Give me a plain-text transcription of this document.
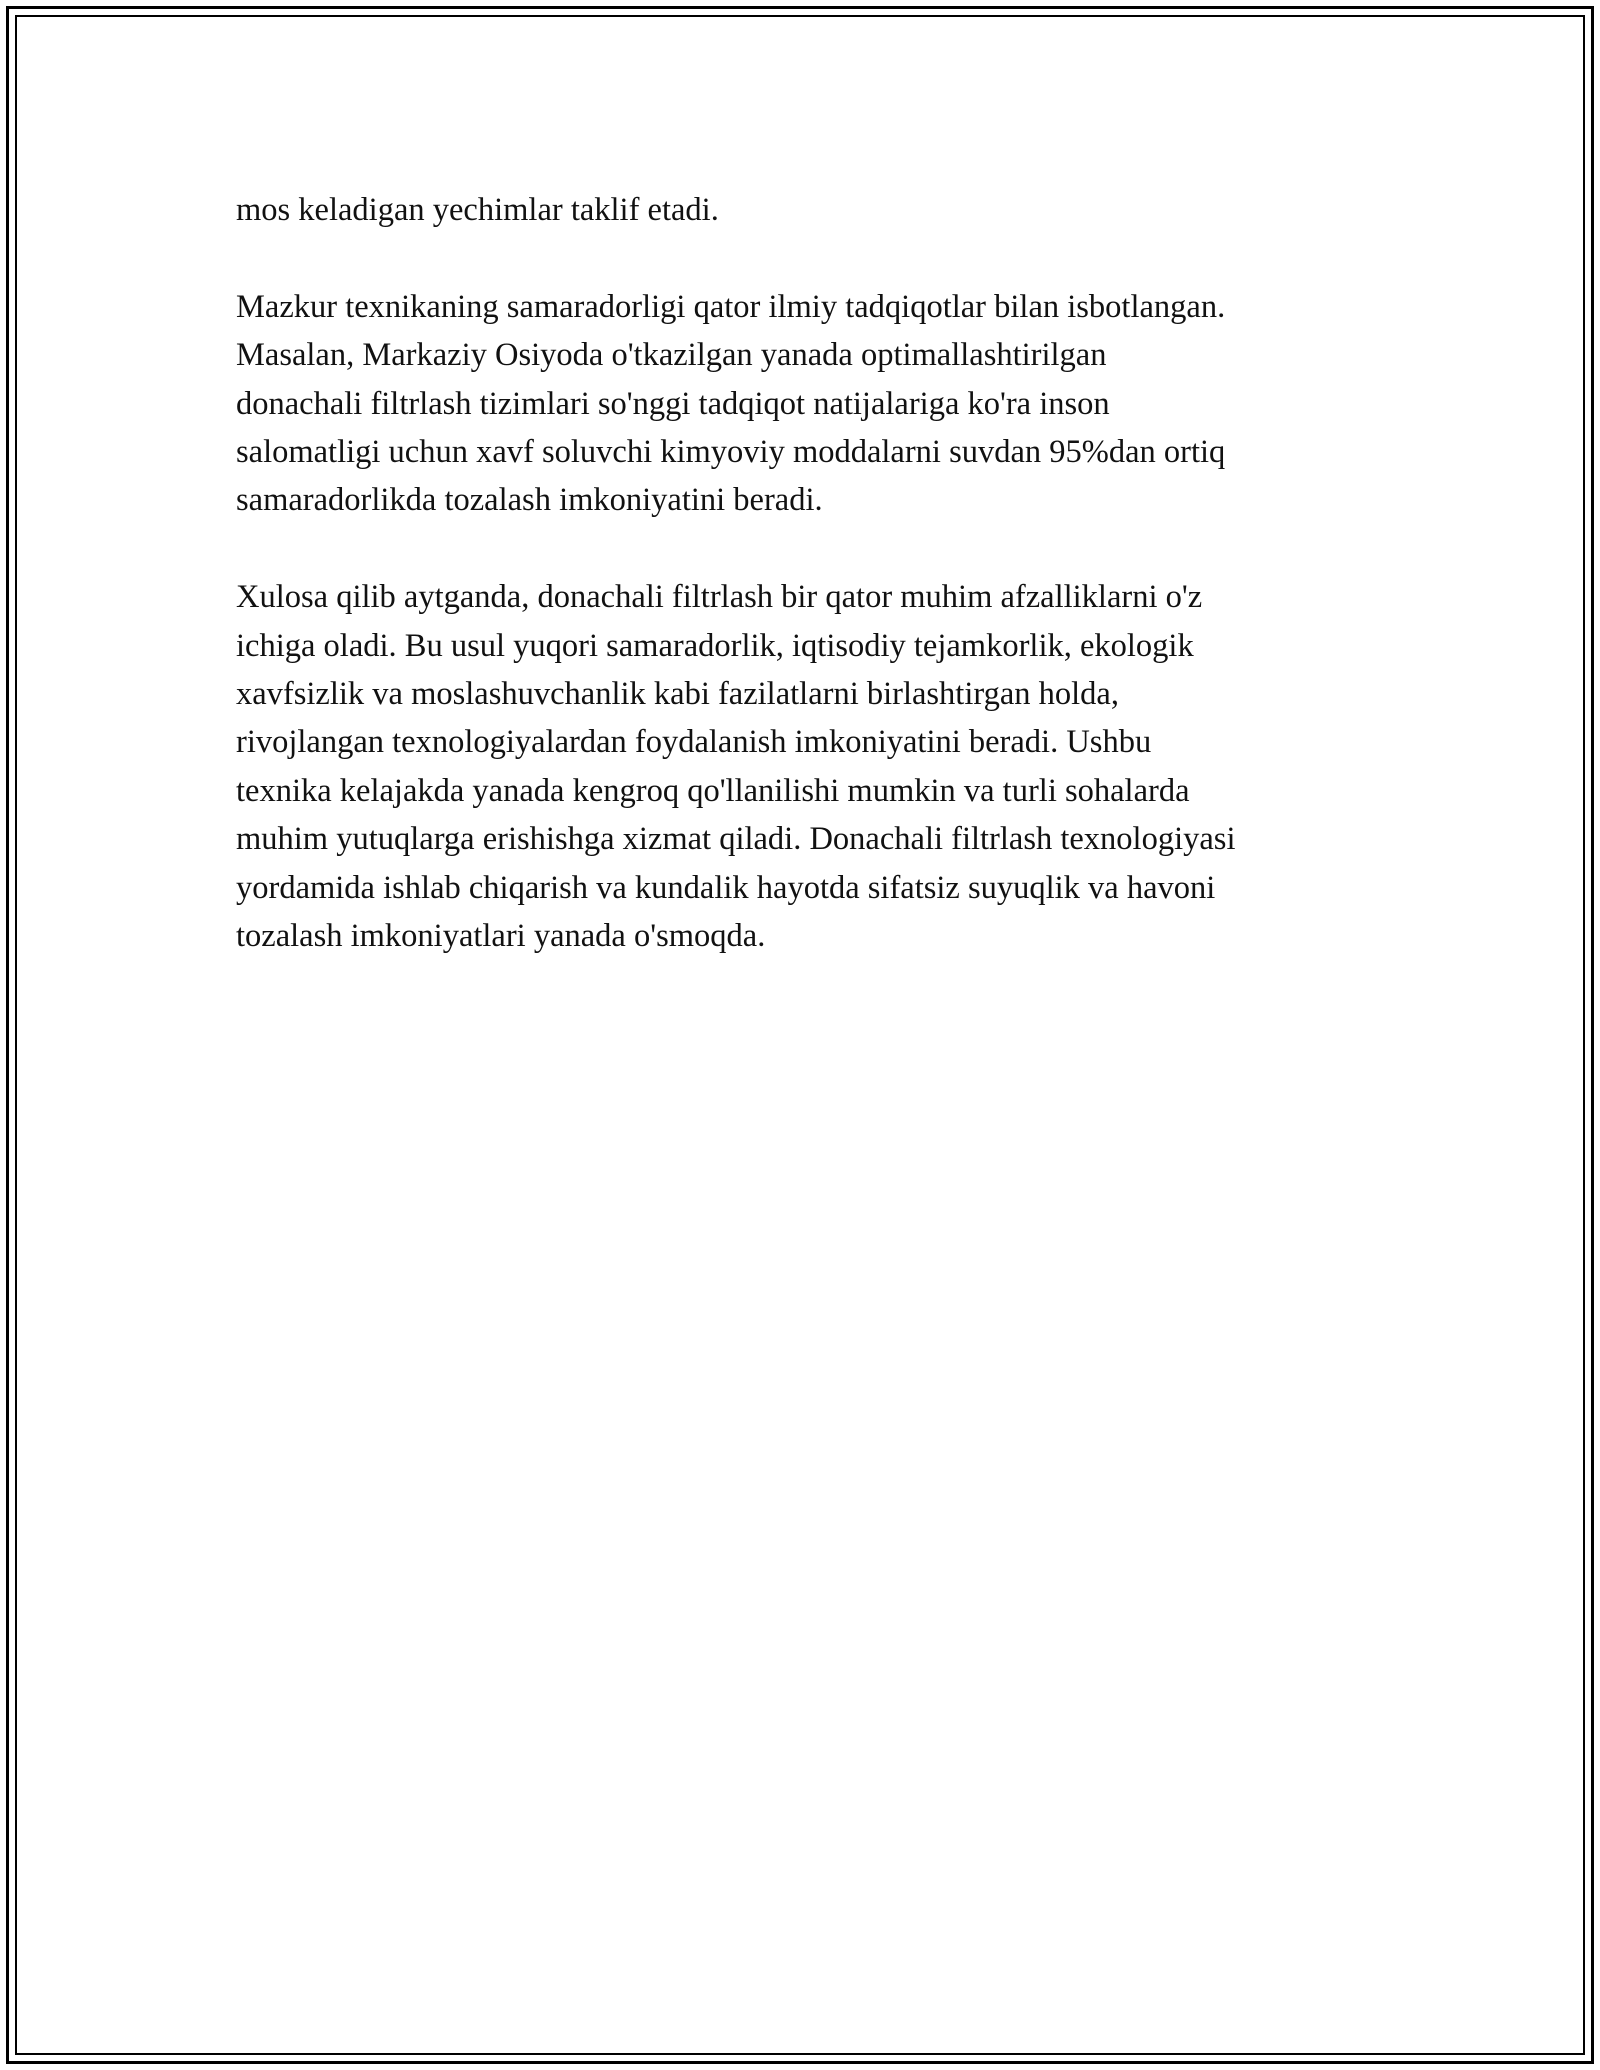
mos keladigan yechimlar taklif etadi.

Mazkur texnikaning samaradorligi qator ilmiy tadqiqotlar bilan isbotlangan.
Masalan, Markaziy Osiyoda o'tkazilgan yanada optimallashtirilgan
donachali filtrlash tizimlari so'nggi tadqiqot natijalariga ko'ra inson
salomatligi uchun xavf soluvchi kimyoviy moddalarni suvdan 95%dan ortiq
samaradorlikda tozalash imkoniyatini beradi.

Xulosa qilib aytganda, donachali filtrlash bir qator muhim afzalliklarni o'z
ichiga oladi. Bu usul yuqori samaradorlik, iqtisodiy tejamkorlik, ekologik
xavfsizlik va moslashuvchanlik kabi fazilatlarni birlashtirgan holda,
rivojlangan texnologiyalardan foydalanish imkoniyatini beradi. Ushbu
texnika kelajakda yanada kengroq qo'llanilishi mumkin va turli sohalarda
muhim yutuqlarga erishishga xizmat qiladi. Donachali filtrlash texnologiyasi
yordamida ishlab chiqarish va kundalik hayotda sifatsiz suyuqlik va havoni
tozalash imkoniyatlari yanada o'smoqda.
